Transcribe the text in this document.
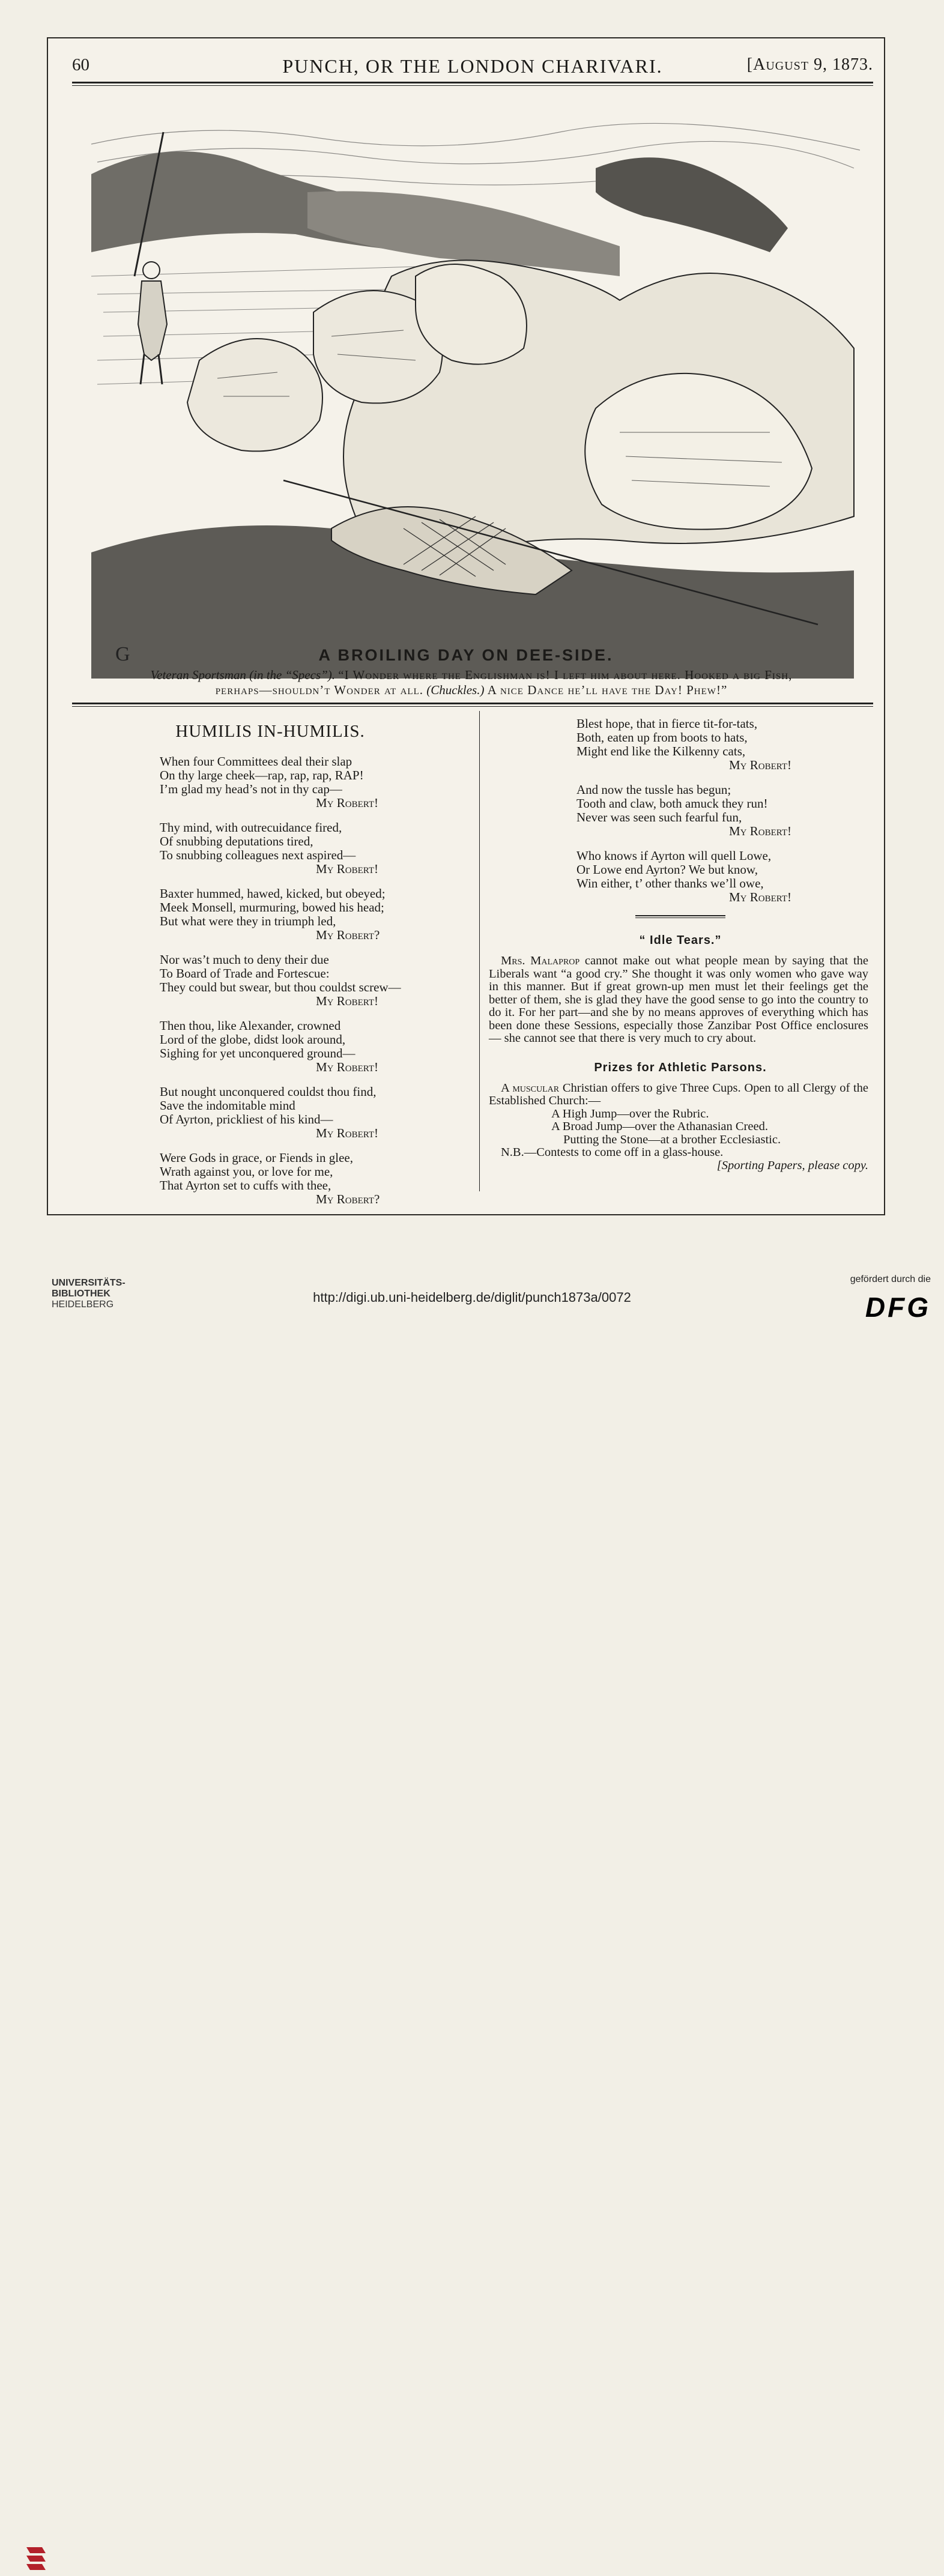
PUNCH, OR THE LONDON CHARIVARI.
60	[August 9, 1873.
G	A BROILING DAY ON DEE-SIDE.
Veteran Sportsman (in the “Specs”). “I Wonder where the Englishman is! I left him about here. Hooked a big Fish,
perhaps—shouldn’t Wonder at all. (Chuckles.) A nice Dance he’ll have the Day! Phew!”
HUMILIS IN-HUMILIS.
When four Committees deal their slap
On thy large cheek—rap, rap, rap, RAP!
I’m glad my head’s not in thy cap—
My Robert!
Thy mind, with outrecuidance fired,
Of snubbing deputations tired,
To snubbing colleagues next aspired—
My Robert!
Baxter hummed, hawed, kicked, but obeyed;
Meek Monsell, murmuring, bowed his head;
But what were they in triumph led,
My Robert?
Nor was’t much to deny their due
To Board of Trade and Fortescue:
They could but swear, but thou couldst screw—
My Robert!
Then thou, like Alexander, crowned
Lord of the globe, didst look around,
Sighing for yet unconquered ground—
My Robert!
But nought unconquered couldst thou find,
Save the indomitable mind
Of Ayrton, prickliest of his kind—
My Robert!
Were Gods in grace, or Fiends in glee,
Wrath against you, or love for me,
That Ayrton set to cuffs with thee,
My Robert?
Blest hope, that in fierce tit-for-tats,
Both, eaten up from boots to hats,
Might end like the Kilkenny cats,
My Robert!
And now the tussle has begun;
Tooth and claw, both amuck they run!
Never was seen such fearful fun,
My Robert!
Who knows if Ayrton will quell Lowe,
Or Lowe end Ayrton? We but know,
Win either, t’ other thanks we’ll owe,
My Robert!
“ Idle Tears.”
Mrs. Malaprop cannot make out what people mean by saying that the Liberals want “a good cry.” She thought it was only women who gave way in this manner. But if great grown-up men must let their feelings get the better of them, she is glad they have the good sense to go into the country to do it. For her part—and she by no means approves of everything which has been done these Sessions, especially those Zanzibar Post Office enclosures — she cannot see that there is very much to cry about.
Prizes for Athletic Parsons.
A muscular Christian offers to give Three Cups. Open to all Clergy of the Established Church:—
A High Jump—over the Rubric.
A Broad Jump—over the Athanasian Creed.
Putting the Stone—at a brother Ecclesiastic.
N.B.—Contests to come off in a glass-house.
[Sporting Papers, please copy.
UNIVERSITÄTS-
BIBLIOTHEK
HEIDELBERG	http://digi.ub.uni-heidelberg.de/diglit/punch1873a/0072
gefördert durch die
DFG
